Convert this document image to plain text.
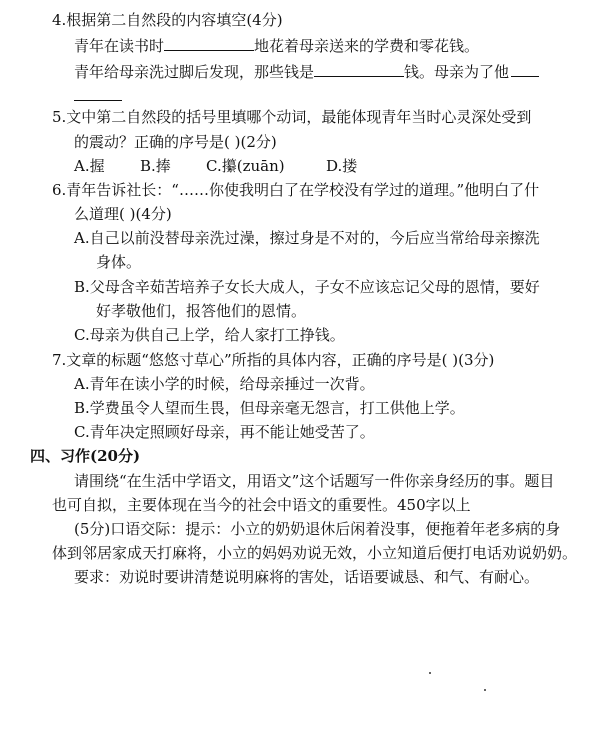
4.根据第二自然段的内容填空(4分)
青年在读书时	地花着母亲送来的学费和零花钱。
青年给母亲洗过脚后发现，那些钱是	钱。母亲为了他
5.文中第二自然段的括号里填哪个动词，最能体现青年当时心灵深处受到
的震动？正确的序号是( )(2分)
A.握 B.捧 C.攥(zuān)	D.搂
6.青年告诉社长：“……你使我明白了在学校没有学过的道理。”他明白了什
么道理( )(4分)
A.自己以前没替母亲洗过澡，擦过身是不对的，今后应当常给母亲擦洗
身体。
B.父母含辛茹苦培养子女长大成人，子女不应该忘记父母的恩情，要好
好孝敬他们，报答他们的恩情。
C.母亲为供自己上学，给人家打工挣钱。
7.文章的标题“悠悠寸草心”所指的具体内容，正确的序号是( )(3分)
A.青年在读小学的时候，给母亲捶过一次背。
B.学费虽令人望而生畏，但母亲毫无怨言，打工供他上学。
C.青年决定照顾好母亲，再不能让她受苦了。
四、习作(20分)
请围绕“在生活中学语文，用语文”这个话题写一件你亲身经历的事。题目
也可自拟，主要体现在当今的社会中语文的重要性。450字以上
(5分)口语交际：提示：小立的奶奶退休后闲着没事，便拖着年老多病的身
体到邻居家成天打麻将，小立的妈妈劝说无效，小立知道后便打电话劝说奶奶。
要求：劝说时要讲清楚说明麻将的害处，话语要诚恳、和气、有耐心。
